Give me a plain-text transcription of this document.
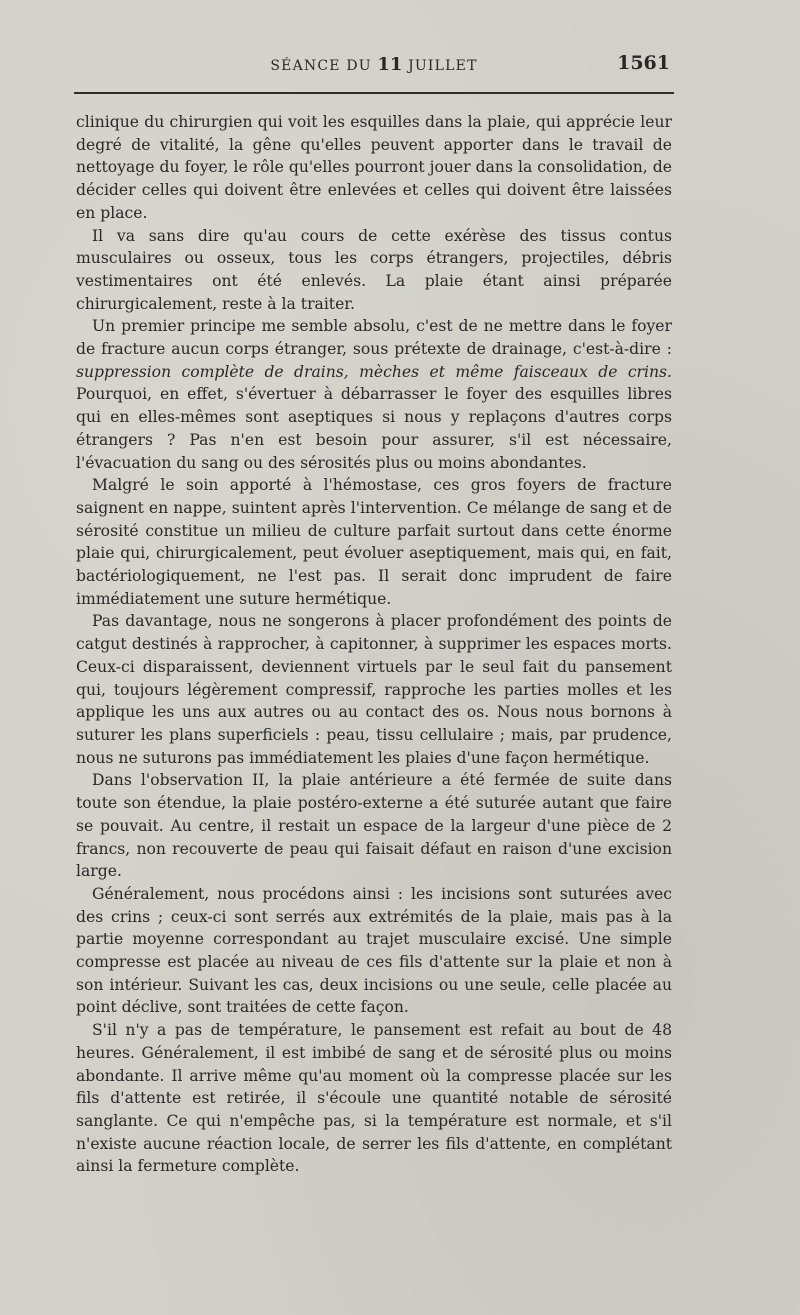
SÉANCE DU 11 JUILLET	1561

clinique du chirurgien qui voit les esquilles dans la plaie, qui apprécie leur degré de vitalité, la gêne qu'elles peuvent apporter dans le travail de nettoyage du foyer, le rôle qu'elles pourront jouer dans la consolidation, de décider celles qui doivent être enlevées et celles qui doivent être laissées en place.

Il va sans dire qu'au cours de cette exérèse des tissus contus musculaires ou osseux, tous les corps étrangers, projectiles, débris vestimentaires ont été enlevés. La plaie étant ainsi préparée chirurgicalement, reste à la traiter.

Un premier principe me semble absolu, c'est de ne mettre dans le foyer de fracture aucun corps étranger, sous prétexte de drainage, c'est-à-dire : suppression complète de drains, mèches et même faisceaux de crins. Pourquoi, en effet, s'évertuer à débarrasser le foyer des esquilles libres qui en elles-mêmes sont aseptiques si nous y replaçons d'autres corps étrangers ? Pas n'en est besoin pour assurer, s'il est nécessaire, l'évacuation du sang ou des sérosités plus ou moins abondantes.

Malgré le soin apporté à l'hémostase, ces gros foyers de fracture saignent en nappe, suintent après l'intervention. Ce mélange de sang et de sérosité constitue un milieu de culture parfait surtout dans cette énorme plaie qui, chirurgicalement, peut évoluer aseptiquement, mais qui, en fait, bactériologiquement, ne l'est pas. Il serait donc imprudent de faire immédiatement une suture hermétique.

Pas davantage, nous ne songerons à placer profondément des points de catgut destinés à rapprocher, à capitonner, à supprimer les espaces morts. Ceux-ci disparaissent, deviennent virtuels par le seul fait du pansement qui, toujours légèrement compressif, rapproche les parties molles et les applique les uns aux autres ou au contact des os. Nous nous bornons à suturer les plans superficiels : peau, tissu cellulaire ; mais, par prudence, nous ne suturons pas immédiatement les plaies d'une façon hermétique.

Dans l'observation II, la plaie antérieure a été fermée de suite dans toute son étendue, la plaie postéro-externe a été suturée autant que faire se pouvait. Au centre, il restait un espace de la largeur d'une pièce de 2 francs, non recouverte de peau qui faisait défaut en raison d'une excision large.

Généralement, nous procédons ainsi : les incisions sont suturées avec des crins ; ceux-ci sont serrés aux extrémités de la plaie, mais pas à la partie moyenne correspondant au trajet musculaire excisé. Une simple compresse est placée au niveau de ces fils d'attente sur la plaie et non à son intérieur. Suivant les cas, deux incisions ou une seule, celle placée au point déclive, sont traitées de cette façon.

S'il n'y a pas de température, le pansement est refait au bout de 48 heures. Généralement, il est imbibé de sang et de sérosité plus ou moins abondante. Il arrive même qu'au moment où la compresse placée sur les fils d'attente est retirée, il s'écoule une quantité notable de sérosité sanglante. Ce qui n'empêche pas, si la température est normale, et s'il n'existe aucune réaction locale, de serrer les fils d'attente, en complétant ainsi la fermeture complète.
